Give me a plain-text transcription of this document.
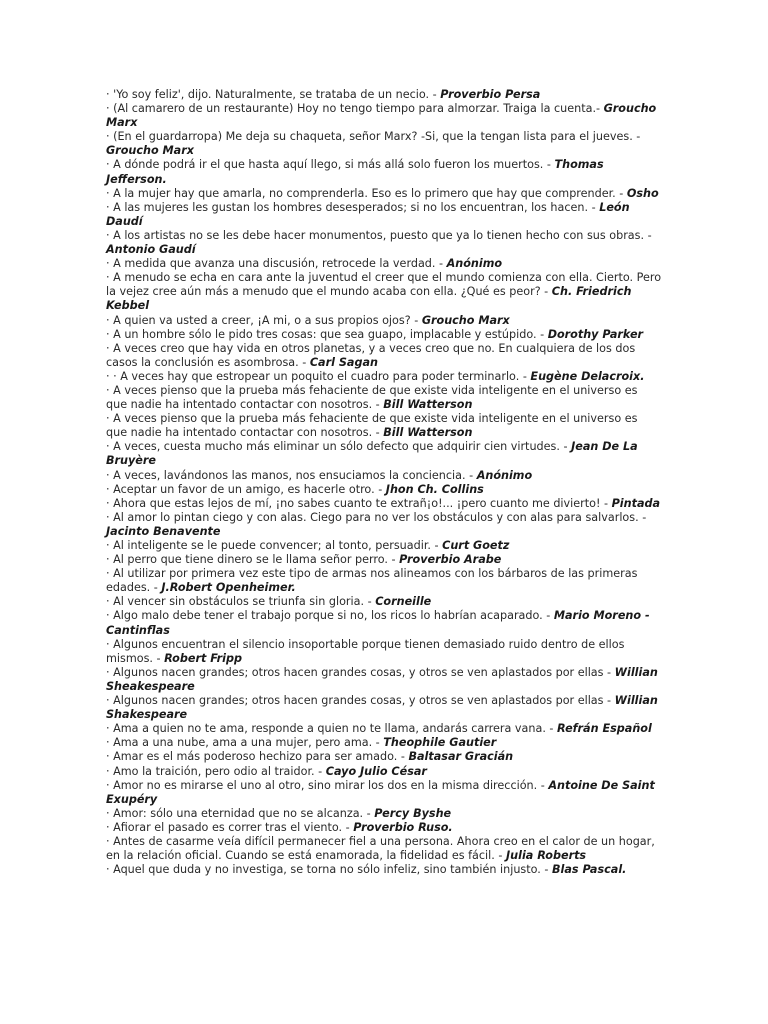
· 'Yo soy feliz', dijo. Naturalmente, se trataba de un necio. - Proverbio Persa

· (Al camarero de un restaurante) Hoy no tengo tiempo para almorzar. Traiga la cuenta.- Groucho Marx

· (En el guardarropa) Me deja su chaqueta, señor Marx? -Si, que la tengan lista para el jueves. - Groucho Marx

· A dónde podrá ir el que hasta aquí llego, si más allá solo fueron los muertos. - Thomas Jefferson.

· A la mujer hay que amarla, no comprenderla. Eso es lo primero que hay que comprender. - Osho

· A las mujeres les gustan los hombres desesperados; si no los encuentran, los hacen. - León Daudí

· A los artistas no se les debe hacer monumentos, puesto que ya lo tienen hecho con sus obras. - Antonio Gaudí

· A medida que avanza una discusión, retrocede la verdad. - Anónimo

· A menudo se echa en cara ante la juventud el creer que el mundo comienza con ella. Cierto. Pero la vejez cree aún más a menudo que el mundo acaba con ella. ¿Qué es peor? - Ch. Friedrich Kebbel

· A quien va usted a creer, ¡A mi, o a sus propios ojos? - Groucho Marx

· A un hombre sólo le pido tres cosas: que sea guapo, implacable y estúpido. - Dorothy Parker

· A veces creo que hay vida en otros planetas, y a veces creo que no. En cualquiera de los dos casos la conclusión es asombrosa. - Carl Sagan

· · A veces hay que estropear un poquito el cuadro para poder terminarlo. - Eugène Delacroix.

· A veces pienso que la prueba más fehaciente de que existe vida inteligente en el universo es que nadie ha intentado contactar con nosotros. - Bill Watterson

· A veces pienso que la prueba más fehaciente de que existe vida inteligente en el universo es que nadie ha intentado contactar con nosotros. - Bill Watterson

· A veces, cuesta mucho más eliminar un sólo defecto que adquirir cien virtudes. - Jean De La Bruyère

· A veces, lavándonos las manos, nos ensuciamos la conciencia. - Anónimo

· Aceptar un favor de un amigo, es hacerle otro. - Jhon Ch. Collins

· Ahora que estas lejos de mí, ¡no sabes cuanto te extrañ¡o!... ¡pero cuanto me divierto! - Pintada

· Al amor lo pintan ciego y con alas. Ciego para no ver los obstáculos y con alas para salvarlos. - Jacinto Benavente

· Al inteligente se le puede convencer; al tonto, persuadir. - Curt Goetz

· Al perro que tiene dinero se le llama señor perro. - Proverbio Arabe

· Al utilizar por primera vez este tipo de armas nos alineamos con los bárbaros de las primeras edades. - J.Robert Openheimer.

· Al vencer sin obstáculos se triunfa sin gloria. - Corneille

· Algo malo debe tener el trabajo porque si no, los ricos lo habrían acaparado. - Mario Moreno - Cantinflas

· Algunos encuentran el silencio insoportable porque tienen demasiado ruido dentro de ellos mismos. - Robert Fripp

· Algunos nacen grandes; otros hacen grandes cosas, y otros se ven aplastados por ellas - Willian Sheakespeare

· Algunos nacen grandes; otros hacen grandes cosas, y otros se ven aplastados por ellas - Willian Shakespeare

· Ama a quien no te ama, responde a quien no te llama, andarás carrera vana. - Refrán Español

· Ama a una nube, ama a una mujer, pero ama. - Theophile Gautier

· Amar es el más poderoso hechizo para ser amado. - Baltasar Gracián

· Amo la traición, pero odio al traidor. - Cayo Julio César

· Amor no es mirarse el uno al otro, sino mirar los dos en la misma dirección. - Antoine De Saint Exupéry

· Amor: sólo una eternidad que no se alcanza. - Percy Byshe

· Afiorar el pasado es correr tras el viento. - Proverbio Ruso.

· Antes de casarme veía difícil permanecer fiel a una persona. Ahora creo en el calor de un hogar, en la relación oficial. Cuando se está enamorada, la fidelidad es fácil. - Julia Roberts

· Aquel que duda y no investiga, se torna no sólo infeliz, sino también injusto. - Blas Pascal.
